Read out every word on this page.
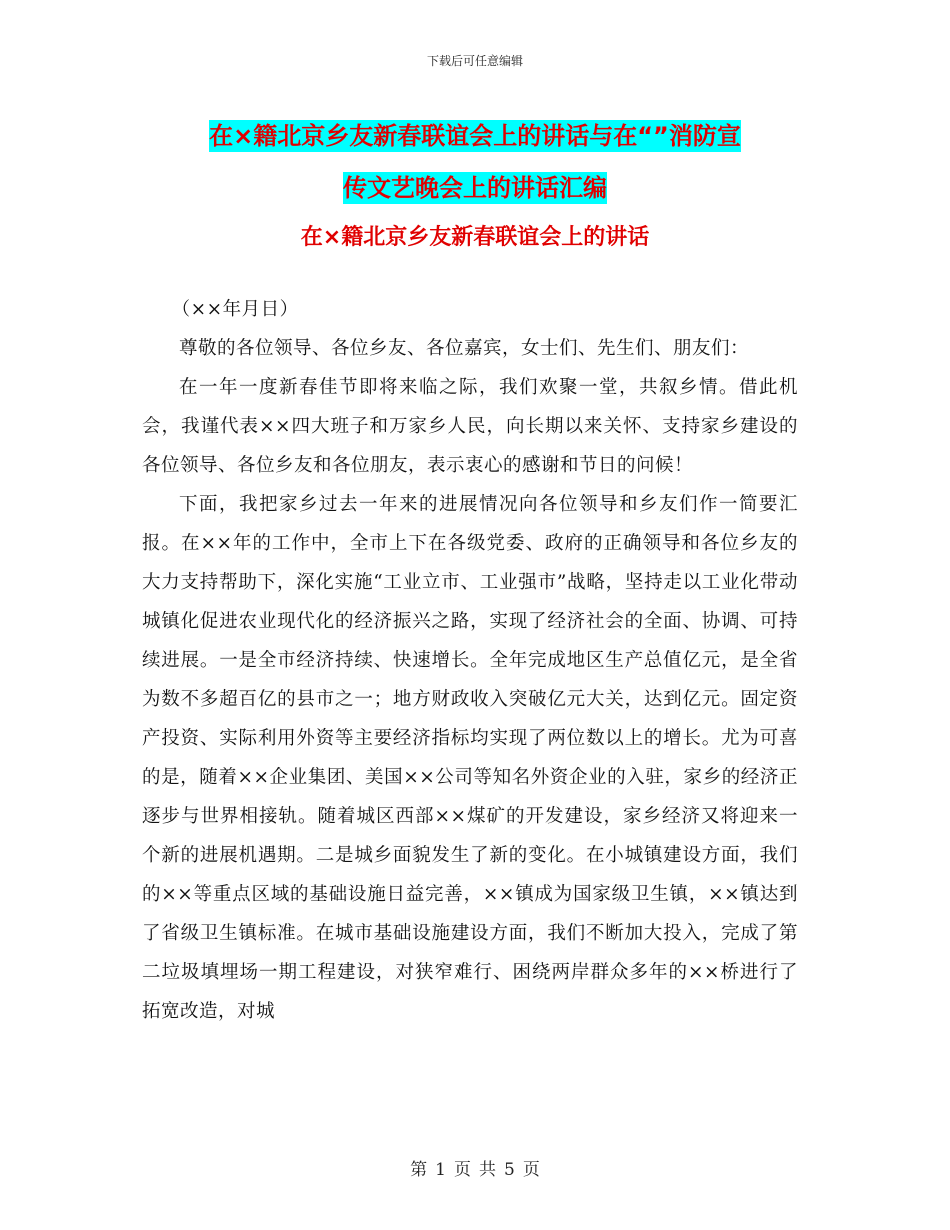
下载后可任意编辑
在×籍北京乡友新春联谊会上的讲话与在“”消防宣
传文艺晚会上的讲话汇编
在×籍北京乡友新春联谊会上的讲话

（××年月日）

尊敬的各位领导、各位乡友、各位嘉宾，女士们、先生们、朋友们：

在一年一度新春佳节即将来临之际，我们欢聚一堂，共叙乡情。借此机会，我谨代表××四大班子和万家乡人民，向长期以来关怀、支持家乡建设的各位领导、各位乡友和各位朋友，表示衷心的感谢和节日的问候！

下面，我把家乡过去一年来的进展情况向各位领导和乡友们作一简要汇报。在××年的工作中，全市上下在各级党委、政府的正确领导和各位乡友的大力支持帮助下，深化实施“工业立市、工业强市”战略，坚持走以工业化带动城镇化促进农业现代化的经济振兴之路，实现了经济社会的全面、协调、可持续进展。一是全市经济持续、快速增长。全年完成地区生产总值亿元，是全省为数不多超百亿的县市之一；地方财政收入突破亿元大关，达到亿元。固定资产投资、实际利用外资等主要经济指标均实现了两位数以上的增长。尤为可喜的是，随着××企业集团、美国××公司等知名外资企业的入驻，家乡的经济正逐步与世界相接轨。随着城区西部××煤矿的开发建设，家乡经济又将迎来一个新的进展机遇期。二是城乡面貌发生了新的变化。在小城镇建设方面，我们的××等重点区域的基础设施日益完善，××镇成为国家级卫生镇，××镇达到了省级卫生镇标准。在城市基础设施建设方面，我们不断加大投入，完成了第二垃圾填埋场一期工程建设，对狭窄难行、困绕两岸群众多年的××桥进行了拓宽改造，对城

第 1 页 共 5 页
